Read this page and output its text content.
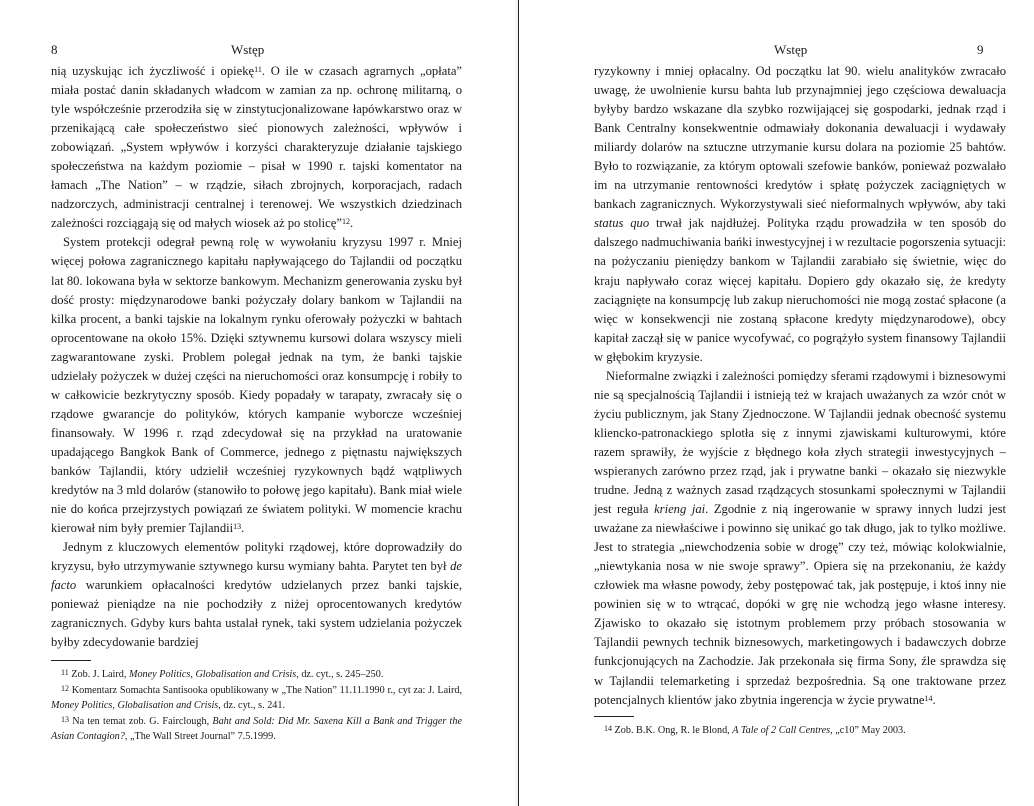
8	Wstęp

nią uzyskując ich życzliwość i opiekę$^{11}$. O ile w czasach agrarnych „opłata” miała postać danin składanych władcom w zamian za np. ochronę militarną, o tyle współcześnie przerodziła się w zinstytucjonalizowane łapówkarstwo oraz w przenikającą całe społeczeństwo sieć pionowych zależności, wpływów i zobowiązań. „System wpływów i korzyści charakteryzuje działanie tajskiego społeczeństwa na każdym poziomie – pisał w 1990 r. tajski komentator na łamach „The Nation” – w rządzie, siłach zbrojnych, korporacjach, radach nadzorczych, administracji centralnej i terenowej. We wszystkich dziedzinach zależności rozciągają się od małych wiosek aż po stolicę”$^{12}$.

System protekcji odegrał pewną rolę w wywołaniu kryzysu 1997 r. Mniej więcej połowa zagranicznego kapitału napływającego do Tajlandii od początku lat 80. lokowana była w sektorze bankowym. Mechanizm generowania zysku był dość prosty: międzynarodowe banki pożyczały dolary bankom w Tajlandii na kilka procent, a banki tajskie na lokalnym rynku oferowały pożyczki w bahtach oprocentowane na około 15%. Dzięki sztywnemu kursowi dolara wszyscy mieli zagwarantowane zyski. Problem polegał jednak na tym, że banki tajskie udzielały pożyczek w dużej części na nieruchomości oraz konsumpcję i robiły to w całkowicie bezkrytyczny sposób. Kiedy popadały w tarapaty, zwracały się o rządowe gwarancje do polityków, których kampanie wyborcze wcześniej finansowały. W 1996 r. rząd zdecydował się na przykład na uratowanie upadającego Bangkok Bank of Commerce, jednego z piętnastu największych banków Tajlandii, który udzielił wcześniej ryzykownych bądź wątpliwych kredytów na 3 mld dolarów (stanowiło to połowę jego kapitału). Bank miał wiele nie do końca przejrzystych powiązań ze światem polityki. W momencie krachu kierował nim były premier Tajlandii$^{13}$.

Jednym z kluczowych elementów polityki rządowej, które doprowadziły do kryzysu, było utrzymywanie sztywnego kursu wymiany bahta. Parytet ten był de facto warunkiem opłacalności kredytów udzielanych przez banki tajskie, ponieważ pieniądze na nie pochodziły z niżej oprocentowanych kredytów zagranicznych. Gdyby kurs bahta ustalał rynek, taki system udzielania pożyczek byłby zdecydowanie bardziej

$^{11}$ Zob. J. Laird, Money Politics, Globalisation and Crisis, dz. cyt., s. 245–250.

$^{12}$ Komentarz Somachta Santisooka opublikowany w „The Nation” 11.11.1990 r., cyt za: J. Laird, Money Politics, Globalisation and Crisis, dz. cyt., s. 241.

$^{13}$ Na ten temat zob. G. Fairclough, Baht and Sold: Did Mr. Saxena Kill a Bank and Trigger the Asian Contagion?, „The Wall Street Journal” 7.5.1999.

Wstęp	9

ryzykowny i mniej opłacalny. Od początku lat 90. wielu analityków zwracało uwagę, że uwolnienie kursu bahta lub przynajmniej jego częściowa dewaluacja byłyby bardzo wskazane dla szybko rozwijającej się gospodarki, jednak rząd i Bank Centralny konsekwentnie odmawiały dokonania dewaluacji i wydawały miliardy dolarów na sztuczne utrzymanie kursu dolara na poziomie 25 bahtów. Było to rozwiązanie, za którym optowali szefowie banków, ponieważ pozwalało im na utrzymanie rentowności kredytów i spłatę pożyczek zaciągniętych w bankach zagranicznych. Wykorzystywali sieć nieformalnych wpływów, aby taki status quo trwał jak najdłużej. Polityka rządu prowadziła w ten sposób do dalszego nadmuchiwania bańki inwestycyjnej i w rezultacie pogorszenia sytuacji: na pożyczaniu pieniędzy bankom w Tajlandii zarabiało się świetnie, więc do kraju napływało coraz więcej kapitału. Dopiero gdy okazało się, że kredyty zaciągnięte na konsumpcję lub zakup nieruchomości nie mogą zostać spłacone (a więc w konsekwencji nie zostaną spłacone kredyty międzynarodowe), obcy kapitał zaczął się w panice wycofywać, co pogrążyło system finansowy Tajlandii w głębokim kryzysie.

Nieformalne związki i zależności pomiędzy sferami rządowymi i biznesowymi nie są specjalnością Tajlandii i istnieją też w krajach uważanych za wzór cnót w życiu publicznym, jak Stany Zjednoczone. W Tajlandii jednak obecność systemu kliencko-patronackiego splotła się z innymi zjawiskami kulturowymi, które razem sprawiły, że wyjście z błędnego koła złych strategii inwestycyjnych – wspieranych zarówno przez rząd, jak i prywatne banki – okazało się niezwykle trudne. Jedną z ważnych zasad rządzących stosunkami społecznymi w Tajlandii jest reguła krieng jai. Zgodnie z nią ingerowanie w sprawy innych ludzi jest uważane za niewłaściwe i powinno się unikać go tak długo, jak to tylko możliwe. Jest to strategia „niewchodzenia sobie w drogę” czy też, mówiąc kolokwialnie, „niewtykania nosa w nie swoje sprawy”. Opiera się na przekonaniu, że każdy człowiek ma własne powody, żeby postępować tak, jak postępuje, i ktoś inny nie powinien się w to wtrącać, dopóki w grę nie wchodzą jego własne interesy. Zjawisko to okazało się istotnym problemem przy próbach stosowania w Tajlandii pewnych technik biznesowych, marketingowych i badawczych dobrze funkcjonujących na Zachodzie. Jak przekonała się firma Sony, źle sprawdza się w Tajlandii telemarketing i sprzedaż bezpośrednia. Są one traktowane przez potencjalnych klientów jako zbytnia ingerencja w życie prywatne$^{14}$.

$^{14}$ Zob. B.K. Ong, R. le Blond, A Tale of 2 Call Centres, „c10” May 2003.
